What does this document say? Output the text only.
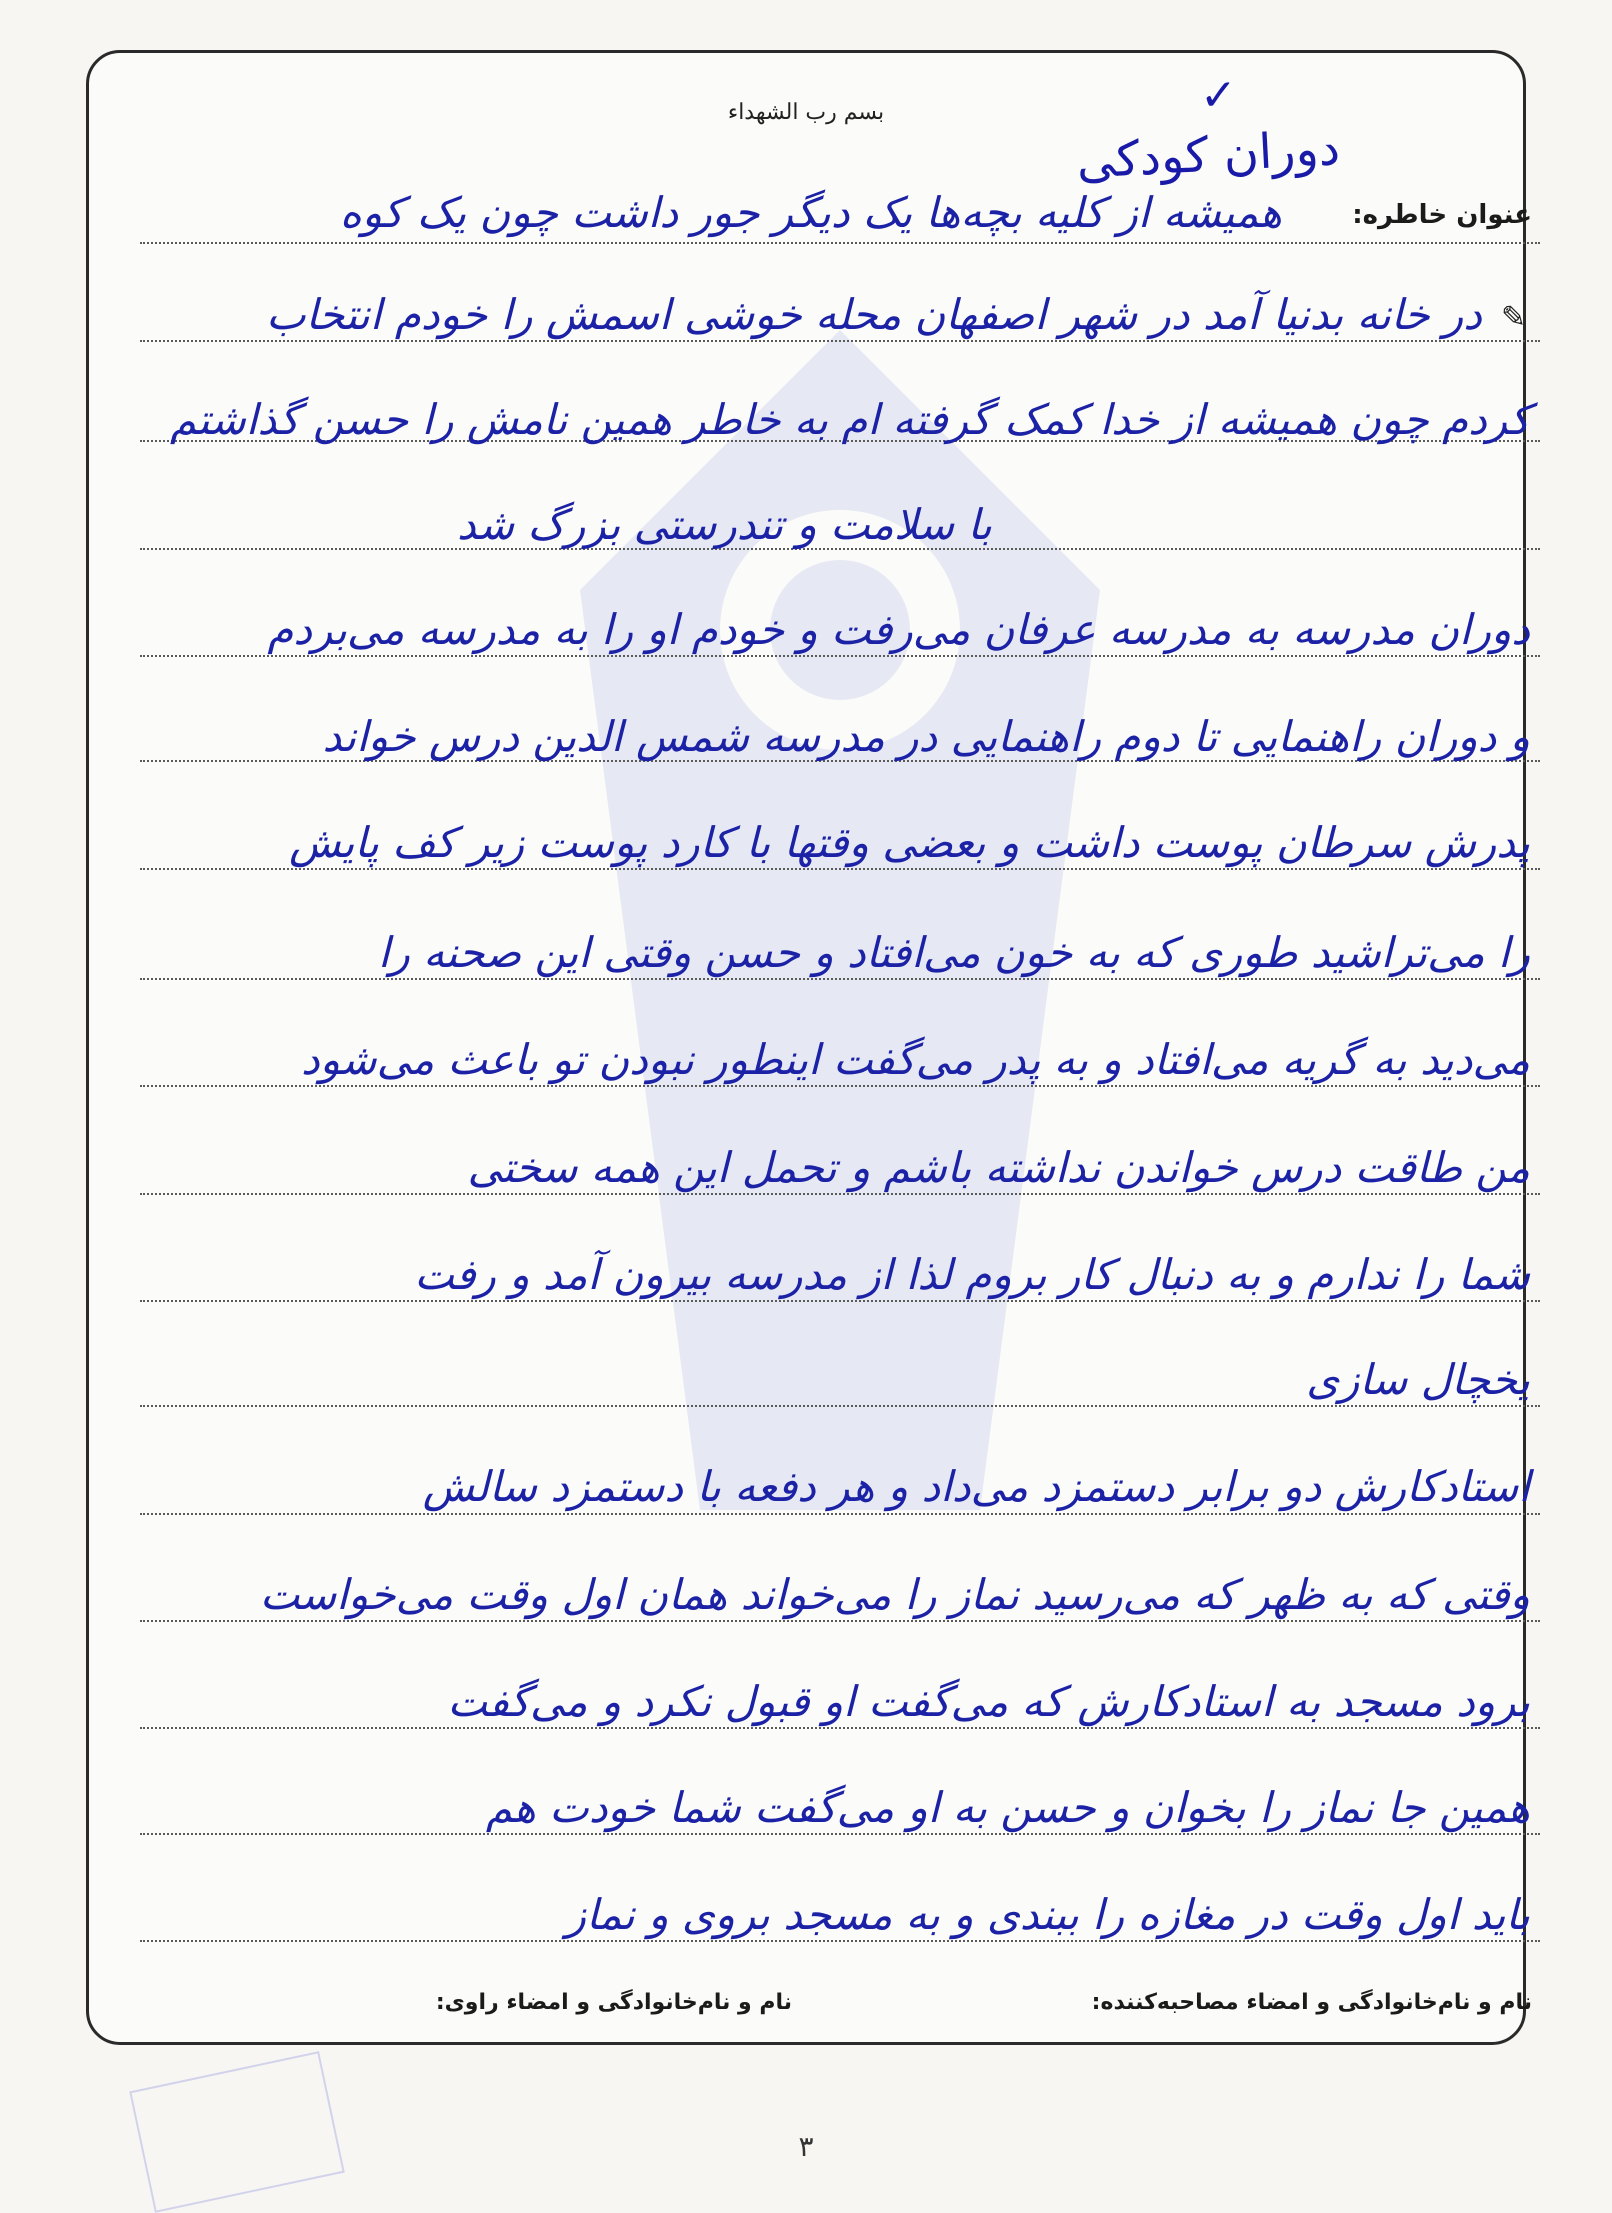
بسم رب الشهداء	✓
دوران کودکی
عنوان خاطره:
✎
همیشه از کلیه بچه‌ها یک دیگر جور داشت چون یک کوه
در خانه بدنیا آمد در شهر اصفهان محله خوشی اسمش را خودم انتخاب
کردم چون همیشه از خدا کمک گرفته ام به خاطر همین نامش را حسن گذاشتم
با سلامت و تندرستی بزرگ شد
دوران مدرسه به مدرسه عرفان می‌رفت و خودم او را به مدرسه می‌بردم
و دوران راهنمایی تا دوم راهنمایی در مدرسه شمس الدین درس خواند
پدرش سرطان پوست داشت و بعضی وقتها با کارد پوست زیر کف پایش
را می‌تراشید طوری که به خون می‌افتاد و حسن وقتی این صحنه را
می‌دید به گریه می‌افتاد و به پدر می‌گفت اینطور نبودن تو باعث می‌شود
من طاقت درس خواندن نداشته باشم و تحمل این همه سختی
شما را ندارم و به دنبال کار بروم لذا از مدرسه بیرون آمد و رفت
یخچال سازی
استادکارش دو برابر دستمزد می‌داد و هر دفعه با دستمزد سالش
وقتی که به ظهر که می‌رسید نماز را می‌خواند همان اول وقت می‌خواست
برود مسجد به استادکارش که می‌گفت او قبول نکرد و می‌گفت
همین جا نماز را بخوان و حسن به او می‌گفت شما خودت هم
باید اول وقت در مغازه را ببندی و به مسجد بروی و نماز
نام و نام‌خانوادگی و امضاء مصاحبه‌کننده:
نام و نام‌خانوادگی و امضاء راوی:
۳
